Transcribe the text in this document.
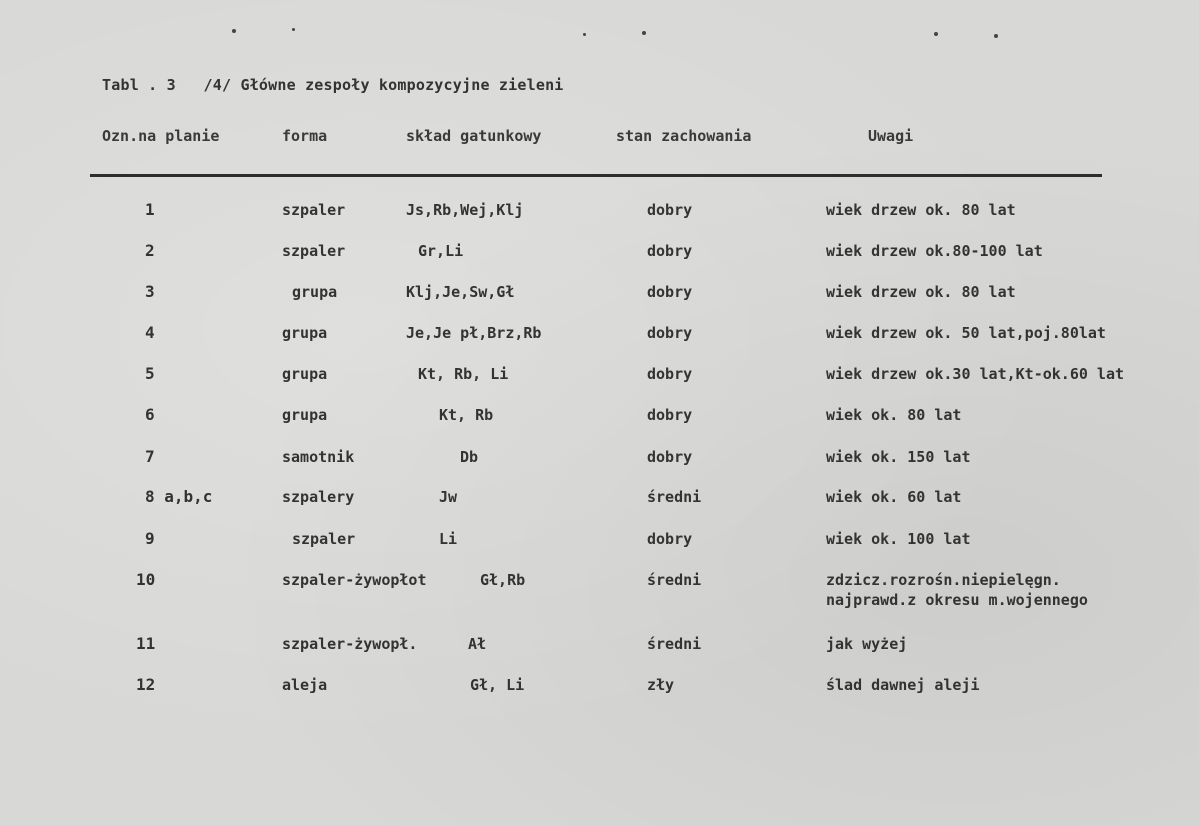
Tabl . 3   /4/ Główne zespoły kompozycyjne zieleni
Ozn.na planie	forma	skład gatunkowy	stan zachowania	Uwagi
1	szpaler	Js,Rb,Wej,Klj	dobry	wiek drzew ok. 80 lat
2	szpaler	Gr,Li	dobry	wiek drzew ok.80-100 lat
3	grupa	Klj,Je,Sw,Gł	dobry	wiek drzew ok. 80 lat
4	grupa	Je,Je pł,Brz,Rb	dobry	wiek drzew ok. 50 lat,poj.80lat
5	grupa	Kt, Rb, Li	dobry	wiek drzew ok.30 lat,Kt-ok.60 lat
6	grupa	Kt, Rb	dobry	wiek ok. 80 lat
7	samotnik	Db	dobry	wiek ok. 150 lat
8 a,b,c	szpalery	Jw	średni	wiek ok. 60 lat
9	szpaler	Li	dobry	wiek ok. 100 lat
10	szpaler-żywopłot	Gł,Rb	średni	zdzicz.rozrośn.niepielęgn.
najprawd.z okresu m.wojennego
11	szpaler-żywopł.	Ał	średni	jak wyżej
12	aleja	Gł, Li	zły	ślad dawnej aleji
